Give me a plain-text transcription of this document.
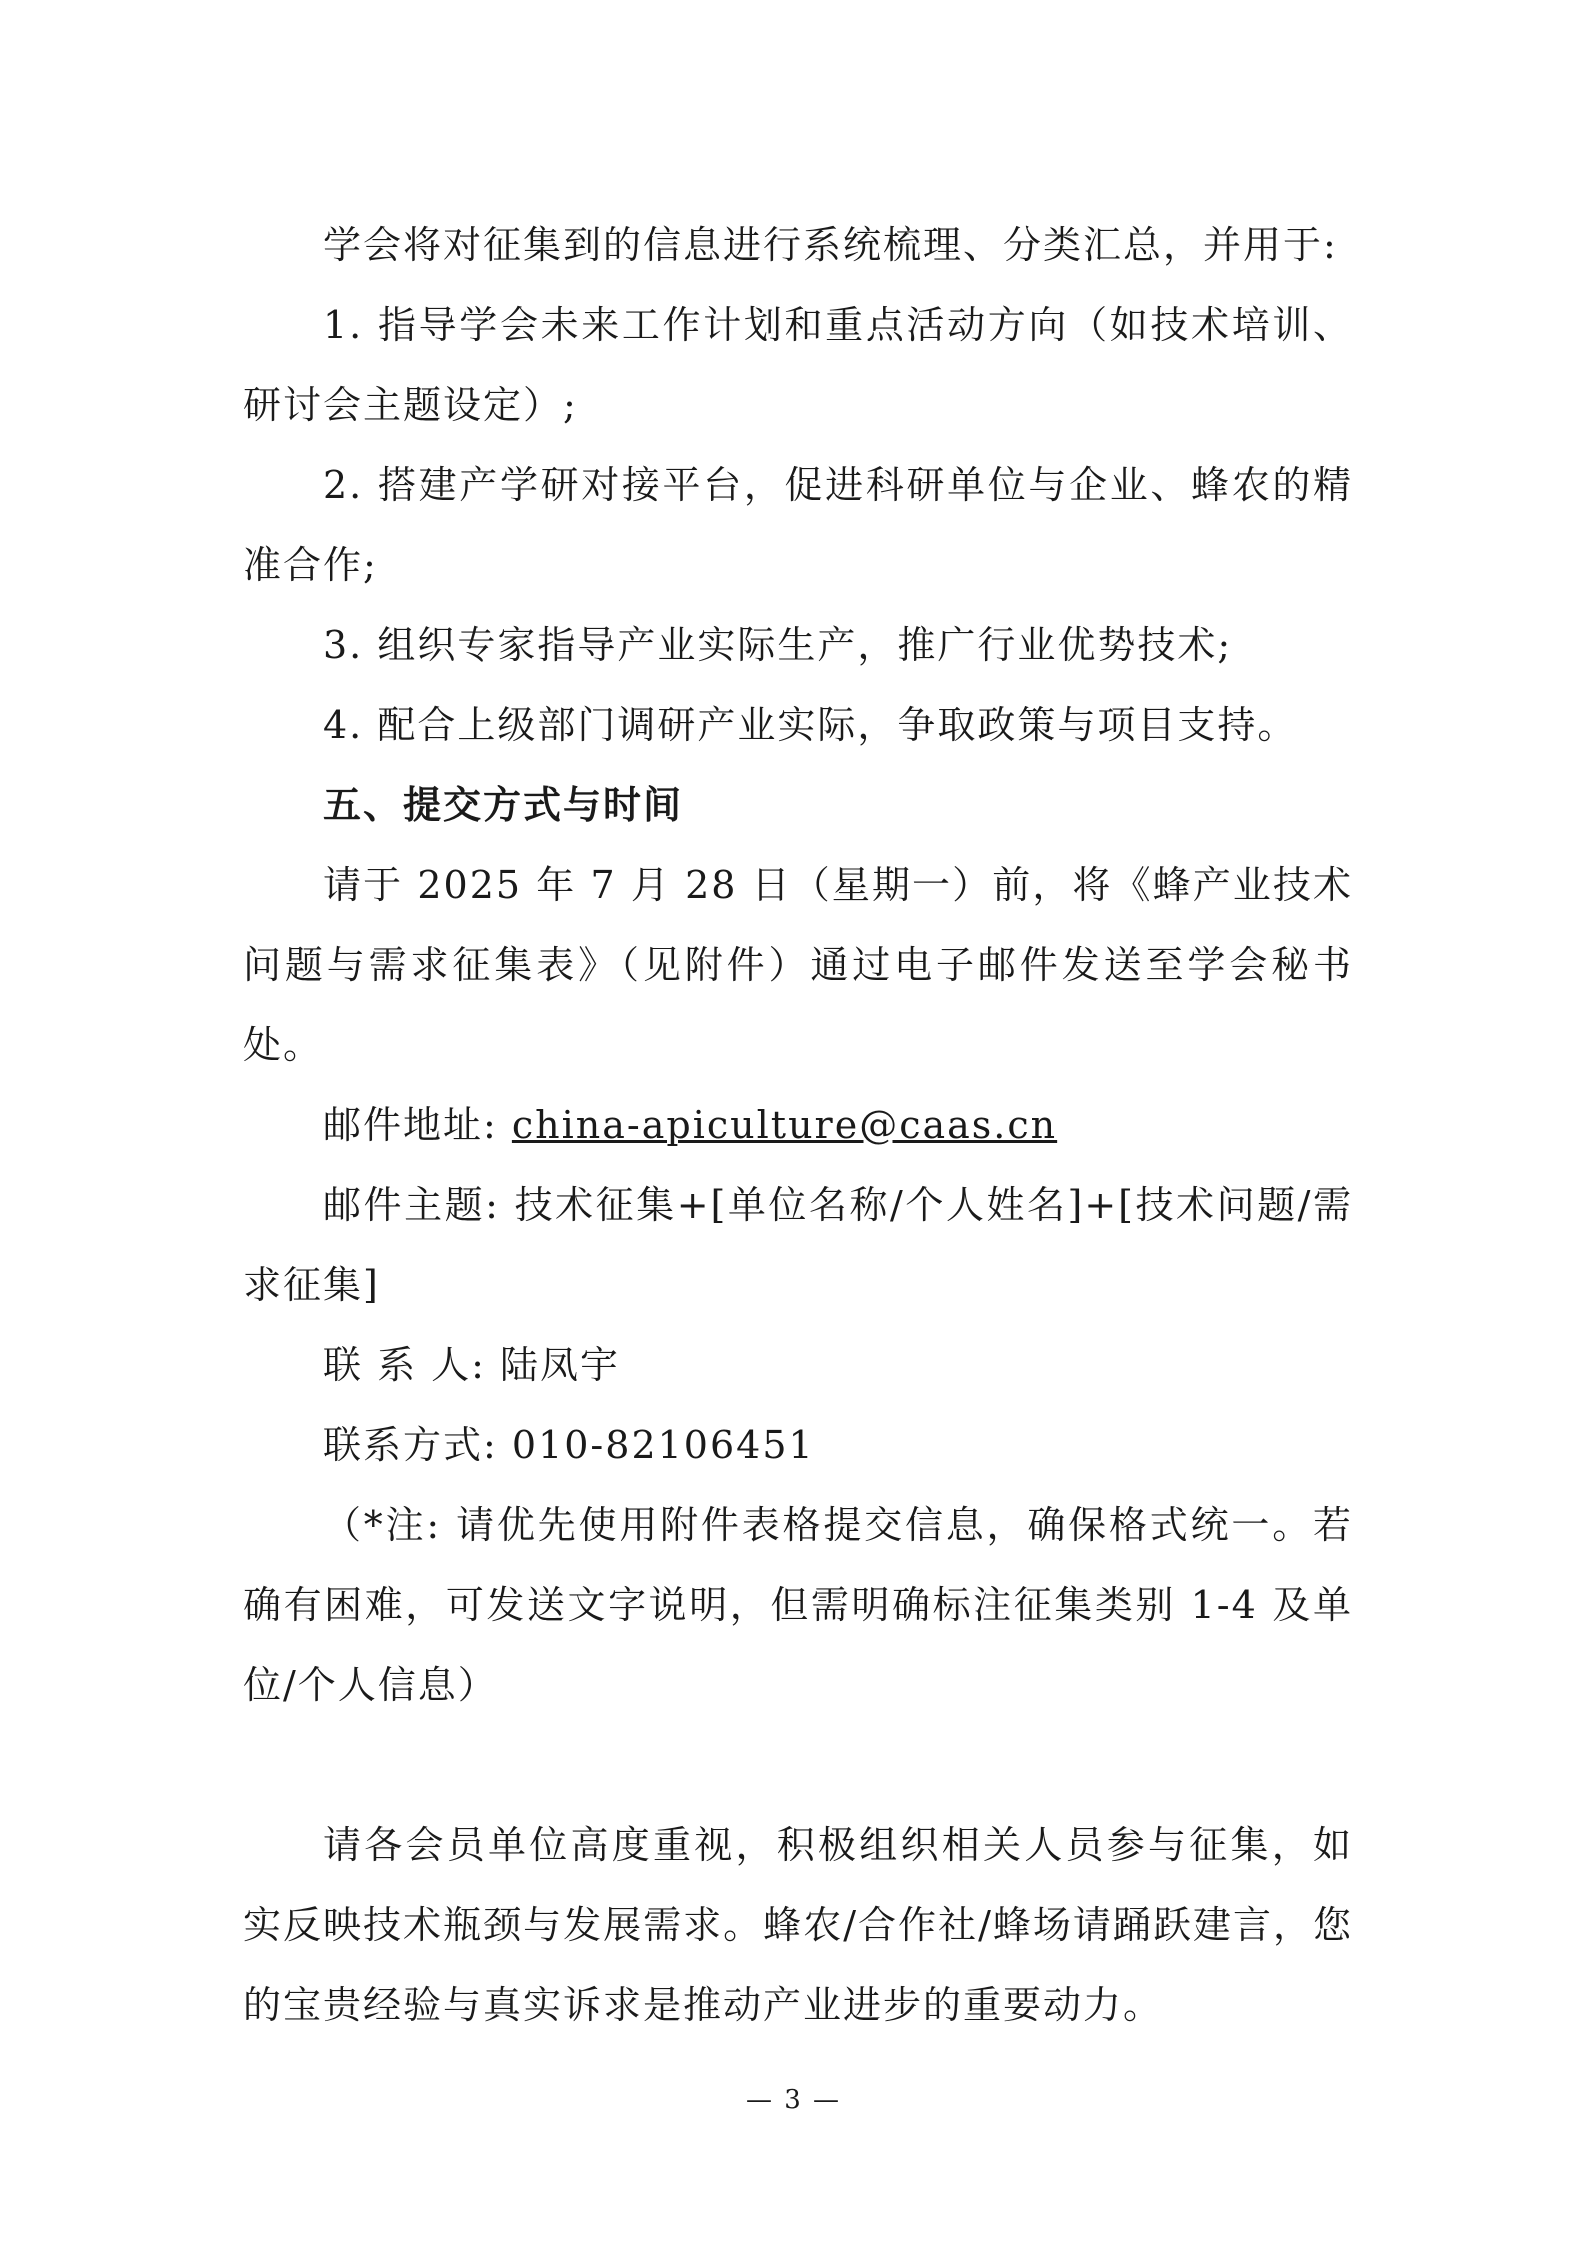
学会将对征集到的信息进行系统梳理、分类汇总，并用于:

1. 指导学会未来工作计划和重点活动方向（如技术培训、研讨会主题设定）;

2. 搭建产学研对接平台，促进科研单位与企业、蜂农的精准合作;

3. 组织专家指导产业实际生产，推广行业优势技术;

4. 配合上级部门调研产业实际，争取政策与项目支持。

五、提交方式与时间

请于 2025 年 7 月 28 日（星期一）前，将《蜂产业技术问题与需求征集表》（见附件）通过电子邮件发送至学会秘书处。

邮件地址: china-apiculture@caas.cn

邮件主题: 技术征集+[单位名称/个人姓名]+[技术问题/需求征集]

联 系 人: 陆凤宇

联系方式: 010-82106451

（*注: 请优先使用附件表格提交信息，确保格式统一。若确有困难，可发送文字说明，但需明确标注征集类别 1-4 及单位/个人信息）

请各会员单位高度重视，积极组织相关人员参与征集，如实反映技术瓶颈与发展需求。蜂农/合作社/蜂场请踊跃建言，您的宝贵经验与真实诉求是推动产业进步的重要动力。

— 3 —
